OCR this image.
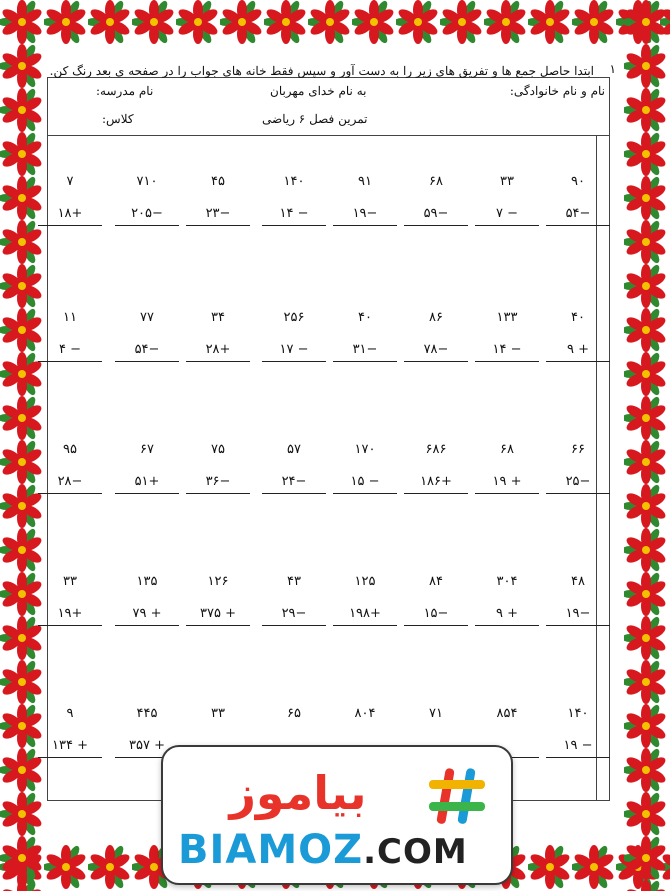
نام و نام خانوادگی:
به نام خدای مهربان
نام مدرسه:
تمرین فصل ۶ ریاضی
کلاس:
۱
ابتدا حاصل جمع ها و تفریق های زیر را به دست آور و سپس فقط خانه های جواب را در صفحه ی بعد رنگ کن.
۹۰
−۵۴
۳۳
− ۷
۶۸
−۵۹
۹۱
−۱۹
۱۴۰
− ۱۴
۴۵
−۲۳
۷۱۰
−۲۰۵
۷
+۱۸
۴۰
+ ۹
۱۳۳
− ۱۴
۸۶
−۷۸
۴۰
−۳۱
۲۵۶
− ۱۷
۳۴
+۲۸
۷۷
−۵۴
۱۱
− ۴
۶۶
−۲۵
۶۸
+ ۱۹
۶۸۶
+۱۸۶
۱۷۰
− ۱۵
۵۷
−۲۴
۷۵
−۳۶
۶۷
+۵۱
۹۵
−۲۸
۴۸
−۱۹
۳۰۴
+ ۹
۸۴
−۱۵
۱۲۵
+۱۹۸
۴۳
−۲۹
۱۲۶
+ ۳۷۵
۱۳۵
+ ۷۹
۳۳
+۱۹
۱۴۰
− ۱۹
۸۵۴
۷۱
۸۰۴
۶۵
۳۳
۴۴۵
+ ۳۵۷
۹
+ ۱۳۴
بیاموز
BIAMOZ.COM
